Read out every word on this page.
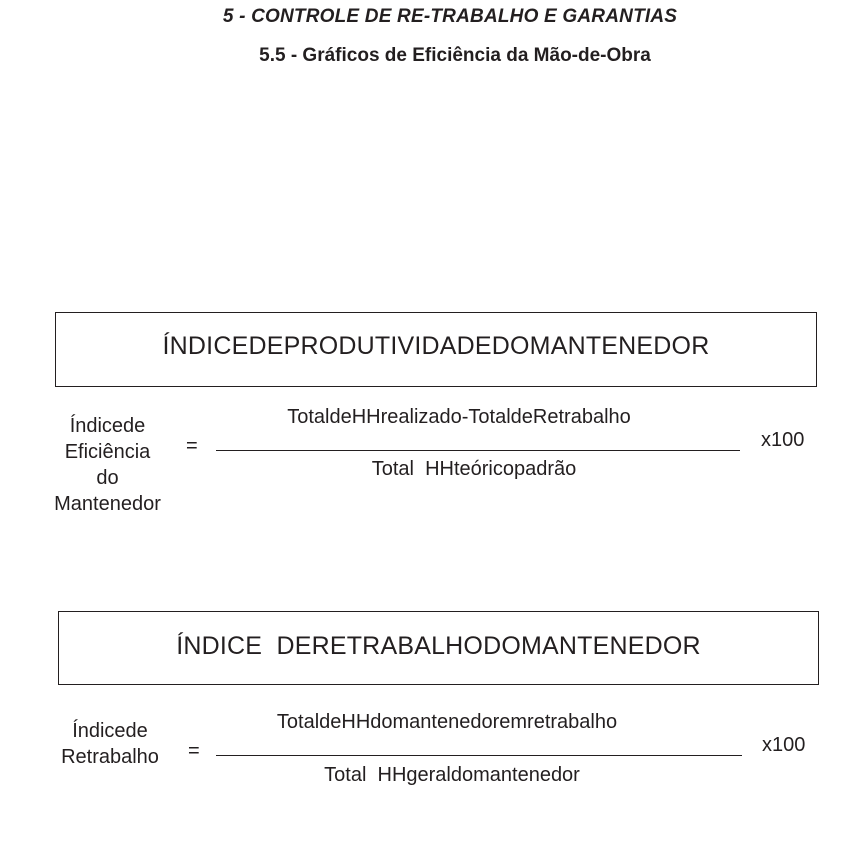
5 - CONTROLE DE RE-TRABALHO E GARANTIAS
5.5 - Gráficos de Eficiência da Mão-de-Obra
ÍNDICEDEPRODUTIVIDADEDOMANTENEDOR
Índicede
Eficiência
do
Mantenedor
=
TotaldeHHrealizado-TotaldeRetrabalho
Total  HHteóricopadrão
x100
ÍNDICE  DERETRABALHODOMANTENEDOR
Índicede
Retrabalho	=
TotaldeHHdomantenedoremretrabalho
Total  HHgeraldomantenedor
x100
